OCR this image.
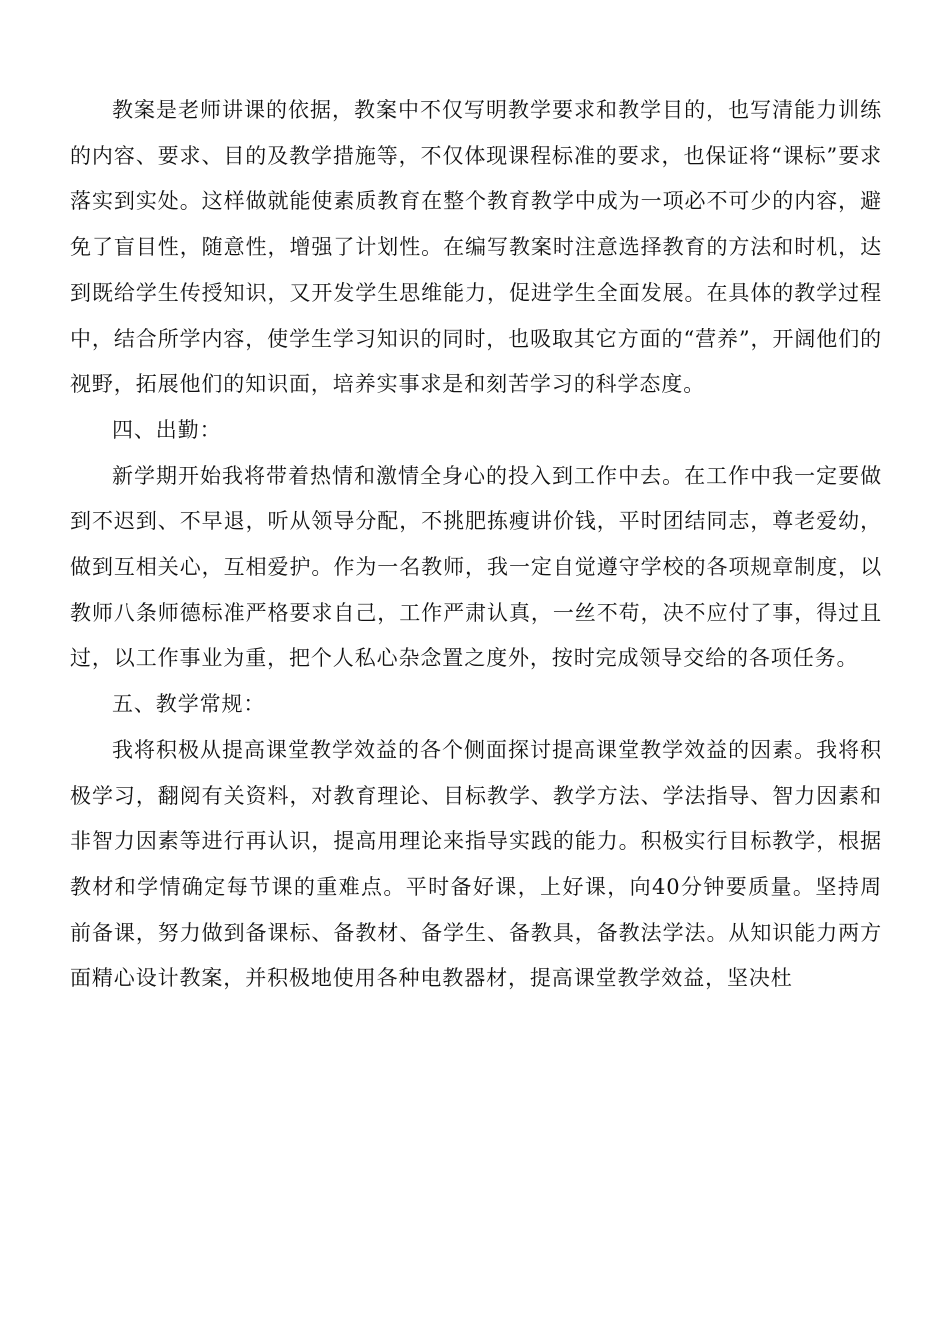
教案是老师讲课的依据，教案中不仅写明教学要求和教学目的，也写清能力训练的内容、要求、目的及教学措施等，不仅体现课程标准的要求，也保证将“课标”要求落实到实处。这样做就能使素质教育在整个教育教学中成为一项必不可少的内容，避免了盲目性，随意性，增强了计划性。在编写教案时注意选择教育的方法和时机，达到既给学生传授知识，又开发学生思维能力，促进学生全面发展。在具体的教学过程中，结合所学内容，使学生学习知识的同时，也吸取其它方面的“营养”，开阔他们的视野，拓展他们的知识面，培养实事求是和刻苦学习的科学态度。

四、出勤：

新学期开始我将带着热情和激情全身心的投入到工作中去。在工作中我一定要做到不迟到、不早退，听从领导分配，不挑肥拣瘦讲价钱，平时团结同志，尊老爱幼，做到互相关心，互相爱护。作为一名教师，我一定自觉遵守学校的各项规章制度，以教师八条师德标准严格要求自己，工作严肃认真，一丝不苟，决不应付了事，得过且过，以工作事业为重，把个人私心杂念置之度外，按时完成领导交给的各项任务。

五、教学常规：

我将积极从提高课堂教学效益的各个侧面探讨提高课堂教学效益的因素。我将积极学习，翻阅有关资料，对教育理论、目标教学、教学方法、学法指导、智力因素和非智力因素等进行再认识，提高用理论来指导实践的能力。积极实行目标教学，根据教材和学情确定每节课的重难点。平时备好课，上好课，向40分钟要质量。坚持周前备课，努力做到备课标、备教材、备学生、备教具，备教法学法。从知识能力两方面精心设计教案，并积极地使用各种电教器材，提高课堂教学效益，坚决杜
